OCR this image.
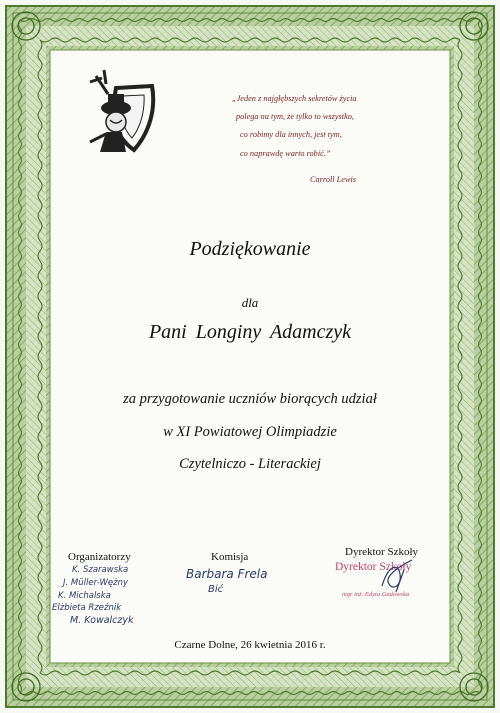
„Jeden z najgłębszych sekretów życia
polega na tym, że tylko to wszystko,
co robimy dla innych, jest tym,
co naprawdę warto robić.”
Carroll Lewis
Podziękowanie
dla
Pani Longiny Adamczyk
za przygotowanie uczniów biorących udział
w XI Powiatowej Olimpiadzie
Czytelniczo - Literackiej
Organizatorzy
K. Szarawska
J. Müller-Wężny
K. Michalska
Elżbieta Rzeźnik
M. Kowalczyk
Komisja
Barbara Frela
Bić
Dyrektor Szkoły
Dyrektor Szkoły
mgr inż. Edyta Gadowska
Czarne Dolne, 26 kwietnia 2016 r.
